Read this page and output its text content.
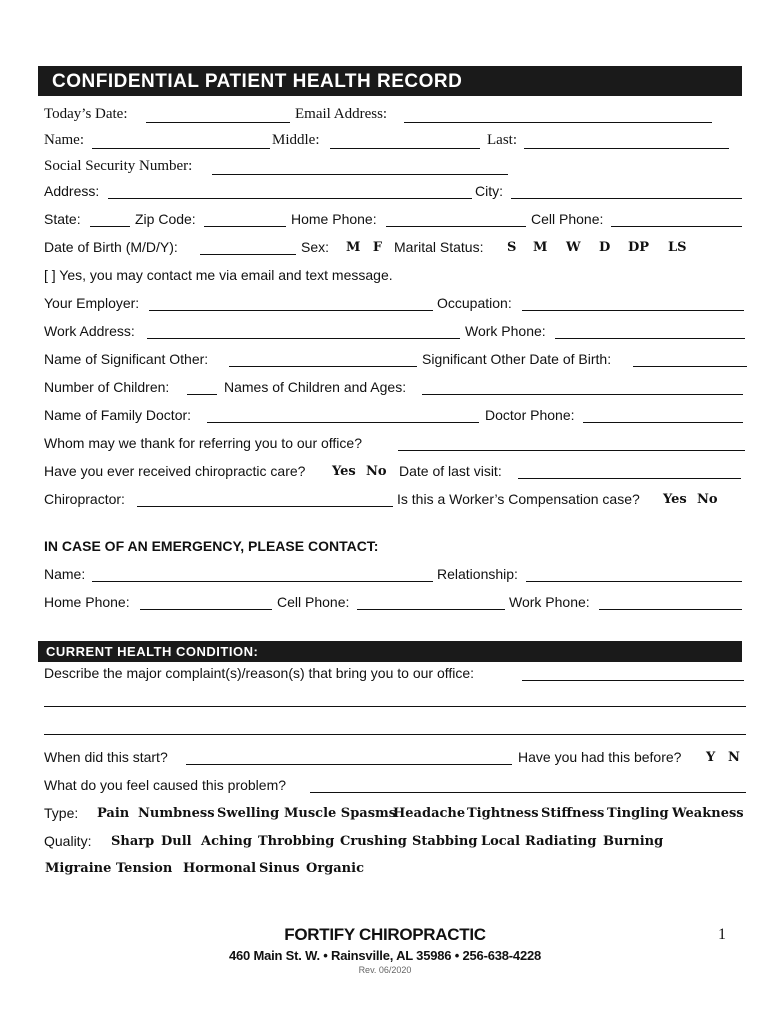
CONFIDENTIAL PATIENT HEALTH RECORD
Today’s Date:	Email Address:
Name:	Middle:	Last:
Social Security Number:
Address:	City:
State:	Zip Code:	Home Phone:	Cell Phone:
Date of Birth (M/D/Y):	Sex: M F Marital Status: S M W D DP LS
[ ] Yes, you may contact me via email and text message.
Your Employer:	Occupation:
Work Address:	Work Phone:
Name of Significant Other:	Significant Other Date of Birth:
Number of Children:	Names of Children and Ages:
Name of Family Doctor:	Doctor Phone:
Whom may we thank for referring you to our office?
Have you ever received chiropractic care? Yes No Date of last visit:
Chiropractor:	Is this a Worker’s Compensation case? Yes No
IN CASE OF AN EMERGENCY, PLEASE CONTACT:
Name:	Relationship:
Home Phone:	Cell Phone:	Work Phone:
CURRENT HEALTH CONDITION:
Describe the major complaint(s)/reason(s) that bring you to our office:
When did this start?	Have you had this before? Y N
What do you feel caused this problem?
Type: Pain Numbness Swelling Muscle Spasms
Headache Tightness Stiffness Tingling Weakness
Quality: Sharp Dull Aching Throbbing Crushing Stabbing Local Radiating Burning
Migraine Tension Hormonal Sinus Organic
FORTIFY CHIROPRACTIC	1
460 Main St. W. • Rainsville, AL 35986 • 256-638-4228
Rev. 06/2020
